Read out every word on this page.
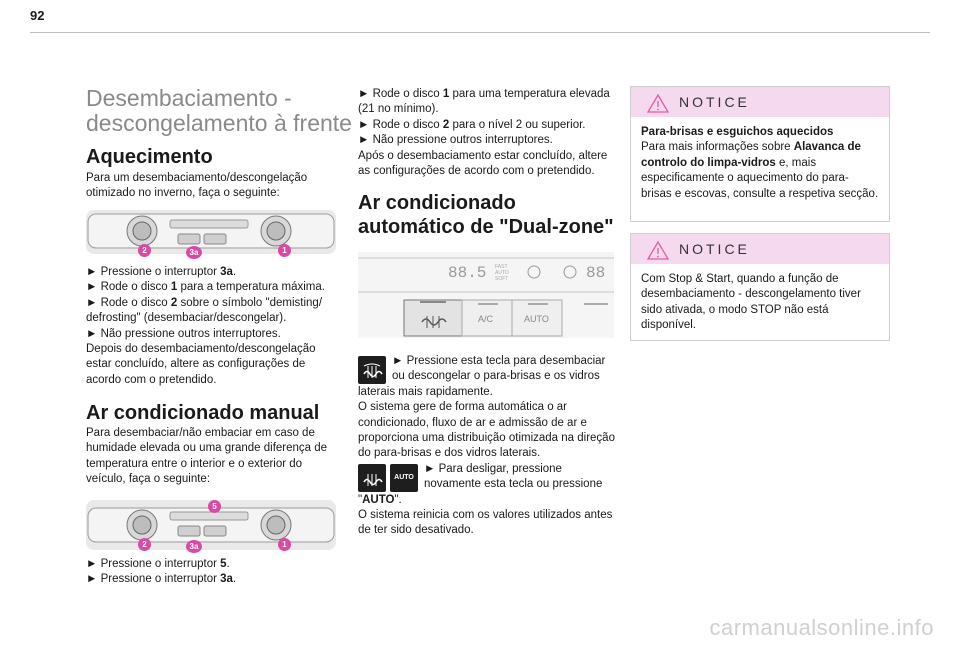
92
Desembaciamento - descongelamento à frente
Aquecimento
Para um desembaciamento/descongelação otimizado no inverno, faça o seguinte:
2	3a	1
► Pressione o interruptor 3a.
► Rode o disco 1 para a temperatura máxima.
► Rode o disco 2 sobre o símbolo "demisting/ defrosting" (desembaciar/descongelar).
► Não pressione outros interruptores.
Depois do desembaciamento/descongelação estar concluído, altere as configurações de acordo com o pretendido.
Ar condicionado manual
Para desembaciar/não embaciar em caso de humidade elevada ou uma grande diferença de temperatura entre o interior e o exterior do veículo, faça o seguinte:
5
2	3a	1
► Pressione o interruptor 5.
► Pressione o interruptor 3a.
► Rode o disco 1 para uma temperatura elevada (21 no mínimo).
► Rode o disco 2 para o nível 2 ou superior.
► Não pressione outros interruptores.
Após o desembaciamento estar concluído, altere as configurações de acordo com o pretendido.
Ar condicionado automático de "Dual-zone"
88.5 FAST
AUTO
SOFT	88
A/C	AUTO
► Pressione esta tecla para desembaciar ou descongelar o para-brisas e os vidros laterais mais rapidamente.
O sistema gere de forma automática o ar condicionado, fluxo de ar e admissão de ar e proporciona uma distribuição otimizada na direção do para-brisas e dos vidros laterais.
AUTO
► Para desligar, pressione novamente esta tecla ou pressione "AUTO".
O sistema reinicia com os valores utilizados antes de ter sido desativado.
NOTICE
Para-brisas e esguichos aquecidos
Para mais informações sobre Alavanca de controlo do limpa-vidros e, mais especificamente o aquecimento do para-brisas e escovas, consulte a respetiva secção.
NOTICE
Com Stop & Start, quando a função de desembaciamento - descongelamento tiver sido ativada, o modo STOP não está disponível.
carmanualsonline.info
